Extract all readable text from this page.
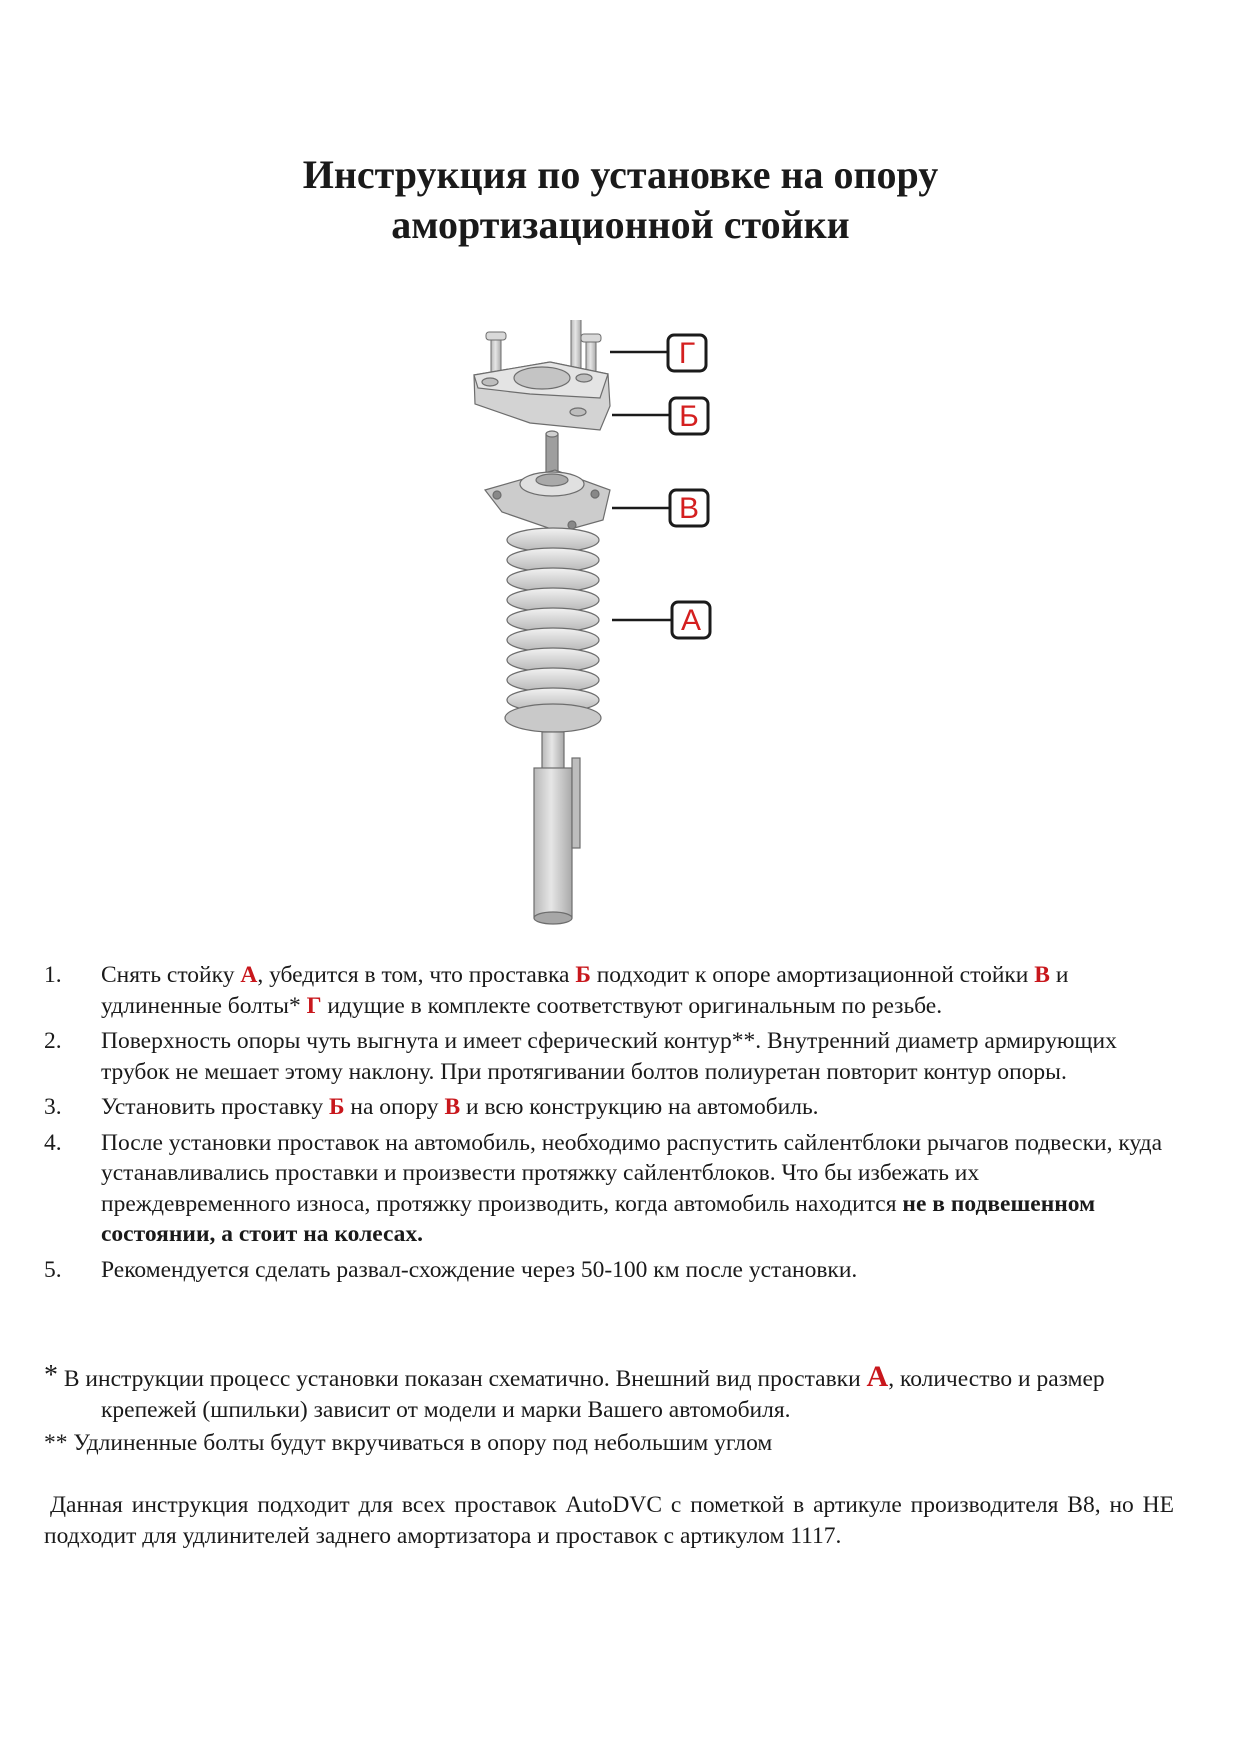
Инструкция по установке на опору
амортизационной стойки
Г
Б
В
А
1. Снять стойку А, убедится в том, что проставка Б подходит к опоре амортизационной стойки В и удлиненные болты* Г идущие в комплекте соответствуют оригинальным по резьбе.
2. Поверхность опоры чуть выгнута и имеет сферический контур**. Внутренний диаметр армирующих трубок не мешает этому наклону. При протягивании болтов полиуретан повторит контур опоры.
3. Установить проставку Б на опору В и всю конструкцию на автомобиль.
4. После установки проставок на автомобиль, необходимо распустить сайлентблоки рычагов подвески, куда устанавливались проставки и произвести протяжку сайлентблоков. Что бы избежать их преждевременного износа, протяжку производить, когда автомобиль находится не в подвешенном состоянии, а стоит на колесах.
5. Рекомендуется сделать развал-схождение через 50-100 км после установки.
* В инструкции процесс установки показан схематично. Внешний вид проставки А, количество и размер
крепежей (шпильки) зависит от модели и марки Вашего автомобиля.
** Удлиненные болты будут вкручиваться в опору под небольшим углом
Данная инструкция подходит для всех проставок AutoDVC с пометкой в артикуле производителя B8, но НЕ подходит для удлинителей заднего амортизатора и проставок с артикулом 1117.
